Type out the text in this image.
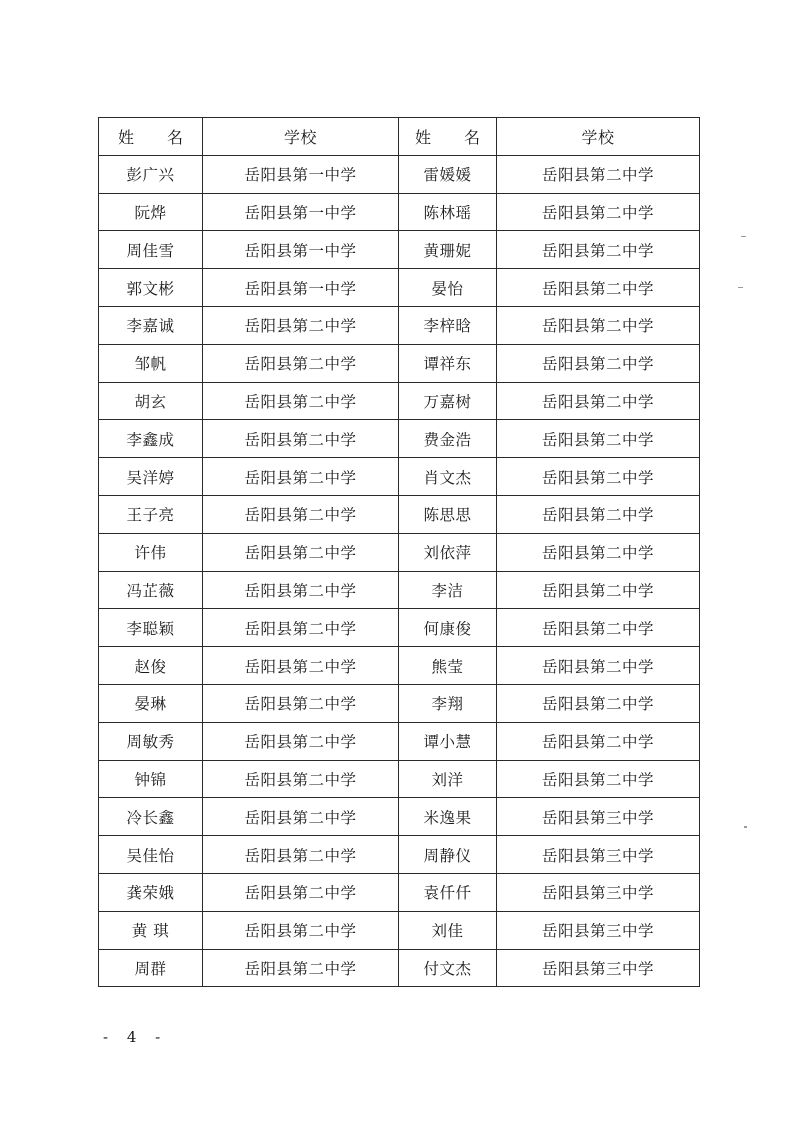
姓 名	学校	姓 名	学校
彭广兴	岳阳县第一中学	雷媛媛	岳阳县第二中学
阮烨	岳阳县第一中学	陈林瑶	岳阳县第二中学
周佳雪	岳阳县第一中学	黄珊妮	岳阳县第二中学
郭文彬	岳阳县第一中学	晏怡	岳阳县第二中学
李嘉诚	岳阳县第二中学	李梓晗	岳阳县第二中学
邹帆	岳阳县第二中学	谭祥东	岳阳县第二中学
胡玄	岳阳县第二中学	万嘉树	岳阳县第二中学
李鑫成	岳阳县第二中学	费金浩	岳阳县第二中学
吴洋婷	岳阳县第二中学	肖文杰	岳阳县第二中学
王子亮	岳阳县第二中学	陈思思	岳阳县第二中学
许伟	岳阳县第二中学	刘依萍	岳阳县第二中学
冯芷薇	岳阳县第二中学	李洁	岳阳县第二中学
李聪颖	岳阳县第二中学	何康俊	岳阳县第二中学
赵俊	岳阳县第二中学	熊莹	岳阳县第二中学
晏琳	岳阳县第二中学	李翔	岳阳县第二中学
周敏秀	岳阳县第二中学	谭小慧	岳阳县第二中学
钟锦	岳阳县第二中学	刘洋	岳阳县第二中学
冷长鑫	岳阳县第二中学	米逸果	岳阳县第三中学
吴佳怡	岳阳县第二中学	周静仪	岳阳县第三中学
龚荣娥	岳阳县第二中学	袁仟仟	岳阳县第三中学
黄 琪	岳阳县第二中学	刘佳	岳阳县第三中学
周群	岳阳县第二中学	付文杰	岳阳县第三中学
- 4 -
